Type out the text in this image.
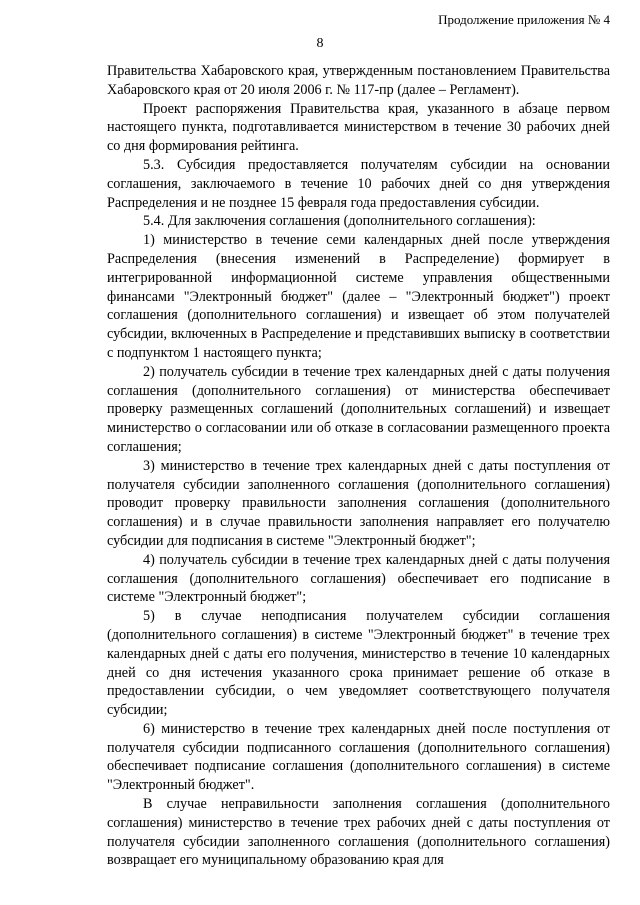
Продолжение приложения № 4
8

Правительства Хабаровского края, утвержденным постановлением Правительства Хабаровского края от 20 июля 2006 г. № 117-пр (далее – Регламент).

Проект распоряжения Правительства края, указанного в абзаце первом настоящего пункта, подготавливается министерством в течение 30 рабочих дней со дня формирования рейтинга.

5.3. Субсидия предоставляется получателям субсидии на основании соглашения, заключаемого в течение 10 рабочих дней со дня утверждения Распределения и не позднее 15 февраля года предоставления субсидии.

5.4. Для заключения соглашения (дополнительного соглашения):

1) министерство в течение семи календарных дней после утверждения Распределения (внесения изменений в Распределение) формирует в интегрированной информационной системе управления общественными финансами "Электронный бюджет" (далее – "Электронный бюджет") проект соглашения (дополнительного соглашения) и извещает об этом получателей субсидии, включенных в Распределение и представивших выписку в соответствии с подпунктом 1 настоящего пункта;

2) получатель субсидии в течение трех календарных дней с даты получения соглашения (дополнительного соглашения) от министерства обеспечивает проверку размещенных соглашений (дополнительных соглашений) и извещает министерство о согласовании или об отказе в согласовании размещенного проекта соглашения;

3) министерство в течение трех календарных дней с даты поступления от получателя субсидии заполненного соглашения (дополнительного соглашения) проводит проверку правильности заполнения соглашения (дополнительного соглашения) и в случае правильности заполнения направляет его получателю субсидии для подписания в системе "Электронный бюджет";

4) получатель субсидии в течение трех календарных дней с даты получения соглашения (дополнительного соглашения) обеспечивает его подписание в системе "Электронный бюджет";

5) в случае неподписания получателем субсидии соглашения (дополнительного соглашения) в системе "Электронный бюджет" в течение трех календарных дней с даты его получения, министерство в течение 10 календарных дней со дня истечения указанного срока принимает решение об отказе в предоставлении субсидии, о чем уведомляет соответствующего получателя субсидии;

6) министерство в течение трех календарных дней после поступления от получателя субсидии подписанного соглашения (дополнительного соглашения) обеспечивает подписание соглашения (дополнительного соглашения) в системе "Электронный бюджет".

В случае неправильности заполнения соглашения (дополнительного соглашения) министерство в течение трех рабочих дней с даты поступления от получателя субсидии заполненного соглашения (дополнительного соглашения) возвращает его муниципальному образованию края для
